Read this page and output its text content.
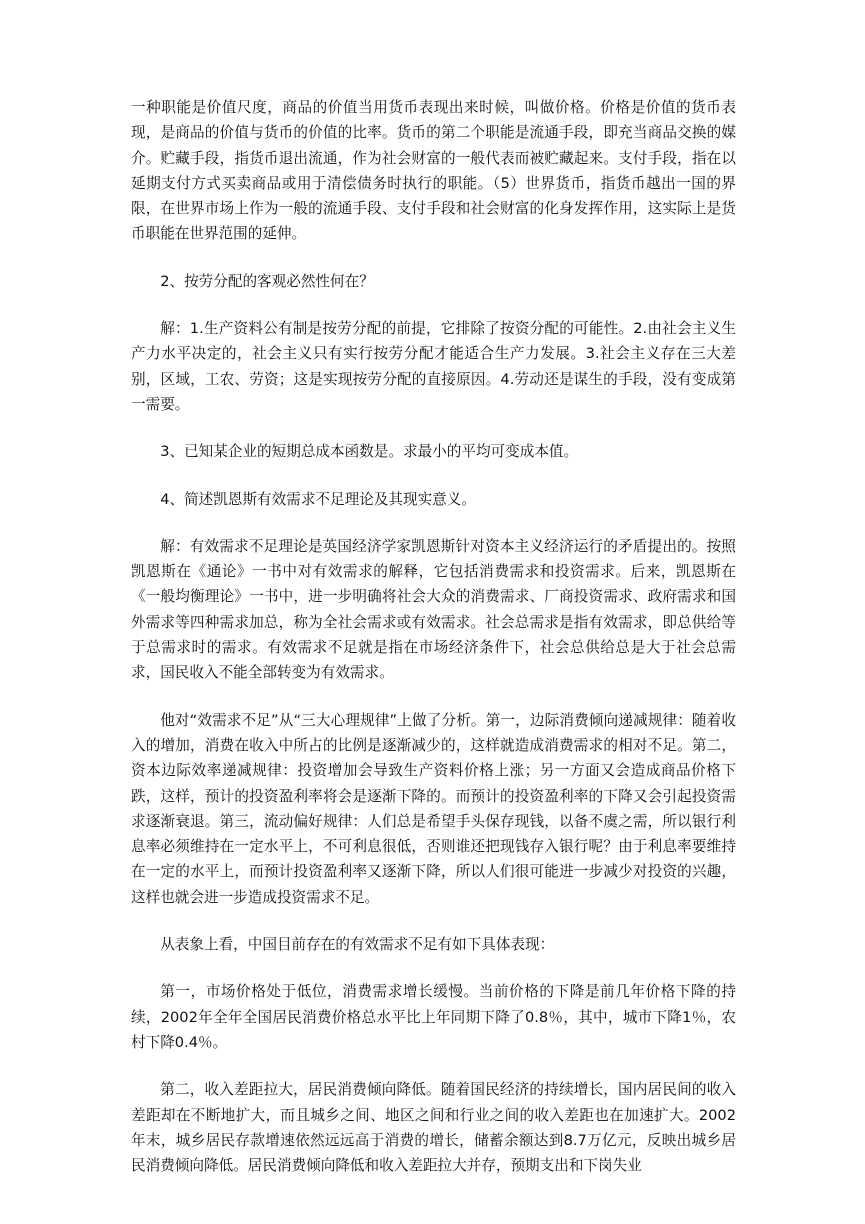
一种职能是价值尺度，商品的价值当用货币表现出来时候，叫做价格。价格是价值的货币表现，是商品的价值与货币的价值的比率。货币的第二个职能是流通手段，即充当商品交换的媒介。贮藏手段，指货币退出流通，作为社会财富的一般代表而被贮藏起来。支付手段，指在以延期支付方式买卖商品或用于清偿债务时执行的职能。（5）世界货币，指货币越出一国的界限，在世界市场上作为一般的流通手段、支付手段和社会财富的化身发挥作用，这实际上是货币职能在世界范围的延伸。

2、按劳分配的客观必然性何在？

解：1.生产资料公有制是按劳分配的前提，它排除了按资分配的可能性。2.由社会主义生产力水平决定的，社会主义只有实行按劳分配才能适合生产力发展。3.社会主义存在三大差别，区域，工农、劳资；这是实现按劳分配的直接原因。4.劳动还是谋生的手段，没有变成第一需要。

3、已知某企业的短期总成本函数是。求最小的平均可变成本值。

4、简述凯恩斯有效需求不足理论及其现实意义。

解：有效需求不足理论是英国经济学家凯恩斯针对资本主义经济运行的矛盾提出的。按照凯恩斯在《通论》一书中对有效需求的解释，它包括消费需求和投资需求。后来，凯恩斯在《一般均衡理论》一书中，进一步明确将社会大众的消费需求、厂商投资需求、政府需求和国外需求等四种需求加总，称为全社会需求或有效需求。社会总需求是指有效需求，即总供给等于总需求时的需求。有效需求不足就是指在市场经济条件下，社会总供给总是大于社会总需求，国民收入不能全部转变为有效需求。

他对“效需求不足”从“三大心理规律”上做了分析。第一，边际消费倾向递减规律：随着收入的增加，消费在收入中所占的比例是逐渐减少的，这样就造成消费需求的相对不足。第二，资本边际效率递减规律：投资增加会导致生产资料价格上涨；另一方面又会造成商品价格下跌，这样，预计的投资盈利率将会是逐渐下降的。而预计的投资盈利率的下降又会引起投资需求逐渐衰退。第三，流动偏好规律：人们总是希望手头保存现钱，以备不虞之需，所以银行利息率必须维持在一定水平上，不可利息很低，否则谁还把现钱存入银行呢？由于利息率要维持在一定的水平上，而预计投资盈利率又逐渐下降，所以人们很可能进一步减少对投资的兴趣，这样也就会进一步造成投资需求不足。

从表象上看，中国目前存在的有效需求不足有如下具体表现：

第一，市场价格处于低位，消费需求增长缓慢。当前价格的下降是前几年价格下降的持续，2002年全年全国居民消费价格总水平比上年同期下降了0.8％，其中，城市下降1％，农村下降0.4％。

第二，收入差距拉大，居民消费倾向降低。随着国民经济的持续增长，国内居民间的收入差距却在不断地扩大，而且城乡之间、地区之间和行业之间的收入差距也在加速扩大。2002年末，城乡居民存款增速依然远远高于消费的增长，储蓄余额达到8.7万亿元，反映出城乡居民消费倾向降低。居民消费倾向降低和收入差距拉大并存，预期支出和下岗失业
